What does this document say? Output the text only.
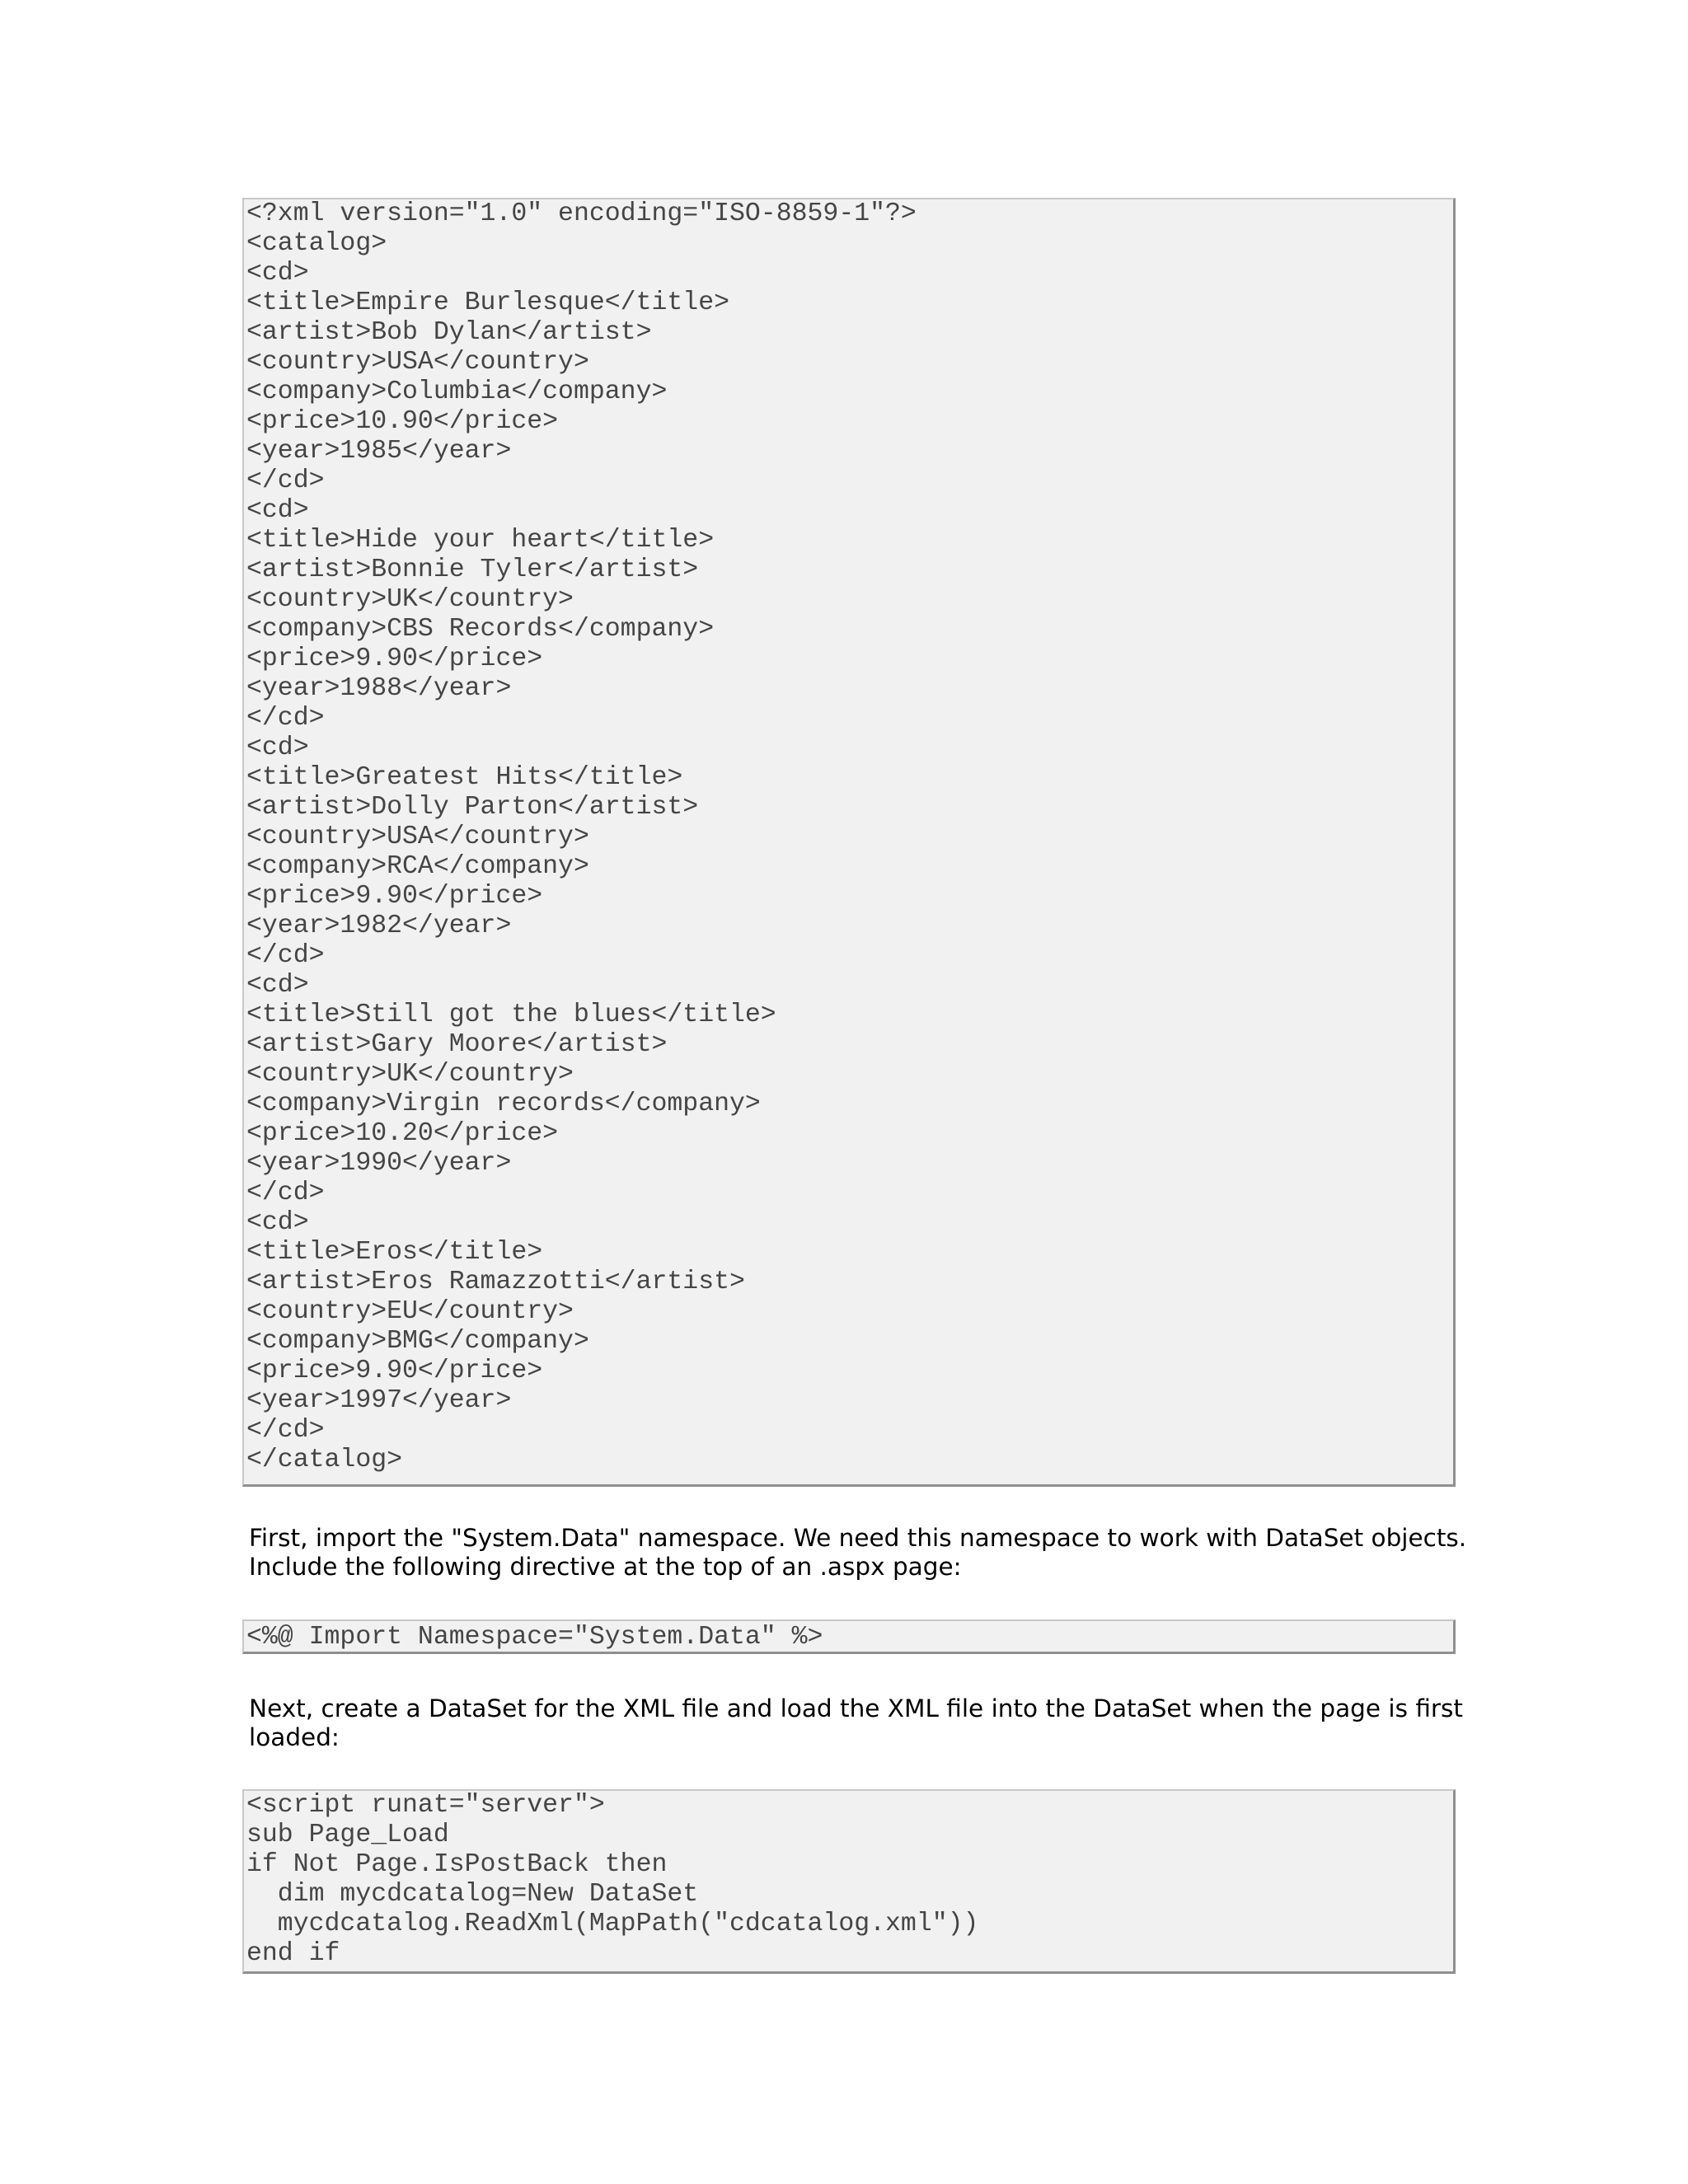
<?xml version="1.0" encoding="ISO-8859-1"?>
<catalog>
<cd>
<title>Empire Burlesque</title>
<artist>Bob Dylan</artist>
<country>USA</country>
<company>Columbia</company>
<price>10.90</price>
<year>1985</year>
</cd>
<cd>
<title>Hide your heart</title>
<artist>Bonnie Tyler</artist>
<country>UK</country>
<company>CBS Records</company>
<price>9.90</price>
<year>1988</year>
</cd>
<cd>
<title>Greatest Hits</title>
<artist>Dolly Parton</artist>
<country>USA</country>
<company>RCA</company>
<price>9.90</price>
<year>1982</year>
</cd>
<cd>
<title>Still got the blues</title>
<artist>Gary Moore</artist>
<country>UK</country>
<company>Virgin records</company>
<price>10.20</price>
<year>1990</year>
</cd>
<cd>
<title>Eros</title>
<artist>Eros Ramazzotti</artist>
<country>EU</country>
<company>BMG</company>
<price>9.90</price>
<year>1997</year>
</cd>
</catalog>

First, import the "System.Data" namespace. We need this namespace to work with DataSet objects.
Include the following directive at the top of an .aspx page:

<%@ Import Namespace="System.Data" %>

Next, create a DataSet for the XML file and load the XML file into the DataSet when the page is first
loaded:

<script runat="server">
sub Page_Load
if Not Page.IsPostBack then
dim mycdcatalog=New DataSet
mycdcatalog.ReadXml(MapPath("cdcatalog.xml"))
end if
